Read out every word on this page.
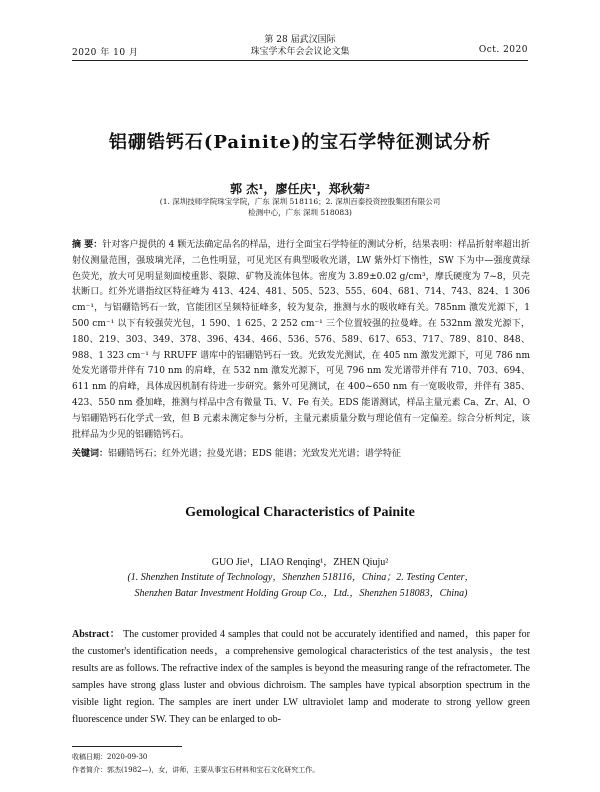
2020 年 10 月
第 28 届武汉国际
珠宝学术年会会议论文集	Oct. 2020
铝硼锆钙石(Painite)的宝石学特征测试分析
郭 杰¹，廖任庆¹，郑秋菊²
(1. 深圳技师学院珠宝学院，广东 深圳 518116；2. 深圳百泰投资控股集团有限公司
检测中心，广东 深圳 518083)
摘 要：针对客户提供的 4 颗无法确定品名的样品，进行全面宝石学特征的测试分析，结果表明：样品折射率超出折射仪测量范围，强玻璃光泽，二色性明显，可见光区有典型吸收光谱，LW 紫外灯下惰性，SW 下为中—强度黄绿色荧光，放大可见明显刻面棱重影、裂隙、矿物及流体包体。密度为 3.89±0.02 g/cm³，摩氏硬度为 7~8，贝壳状断口。红外光谱指纹区特征峰为 413、424、481、505、523、555、604、681、714、743、824、1 306 cm⁻¹，与铝硼锆钙石一致，官能团区呈频特征峰多，较为复杂，推测与水的吸收峰有关。785nm 激发光源下，1 500 cm⁻¹ 以下有较强荧光包，1 590、1 625、2 252 cm⁻¹ 三个位置较强的拉曼峰。在 532nm 激发光源下，180、219、303、349、378、396、434、466、536、576、589、617、653、717、789、810、848、988、1 323 cm⁻¹ 与 RRUFF 谱库中的铝硼锆钙石一致。光致发光测试，在 405 nm 激发光源下，可见 786 nm 处发光谱带并伴有 710 nm 的肩峰，在 532 nm 激发光源下，可见 796 nm 发光谱带并伴有 710、703、694、611 nm 的肩峰，具体成因机制有待进一步研究。紫外可见测试，在 400~650 nm 有一宽吸收带，并伴有 385、423、550 nm 叠加峰，推测与样品中含有微量 Ti、V、Fe 有关。EDS 能谱测试，样品主量元素 Ca、Zr、Al、O 与铝硼锆钙石化学式一致，但 B 元素未测定参与分析，主量元素质量分数与理论值有一定偏差。综合分析判定，该批样品为少见的铝硼锆钙石。
关键词：铝硼锆钙石；红外光谱；拉曼光谱；EDS 能谱；光致发光光谱；谱学特征
Gemological Characteristics of Painite
GUO Jie¹，LIAO Renqing¹，ZHEN Qiuju²
(1. Shenzhen Institute of Technology，Shenzhen 518116，China；2. Testing Center，
Shenzhen Batar Investment Holding Group Co.，Ltd.，Shenzhen 518083，China)
Abstract： The customer provided 4 samples that could not be accurately identified and named，this paper for the customer's identification needs，a comprehensive gemological characteristics of the test analysis，the test results are as follows. The refractive index of the samples is beyond the measuring range of the refractometer. The samples have strong glass luster and obvious dichroism. The samples have typical absorption spectrum in the visible light region. The samples are inert under LW ultraviolet lamp and moderate to strong yellow green fluorescence under SW. They can be enlarged to ob-
收稿日期：2020-09-30
作者简介：郭杰(1982—)，女，讲师，主要从事宝石材料和宝石文化研究工作。
